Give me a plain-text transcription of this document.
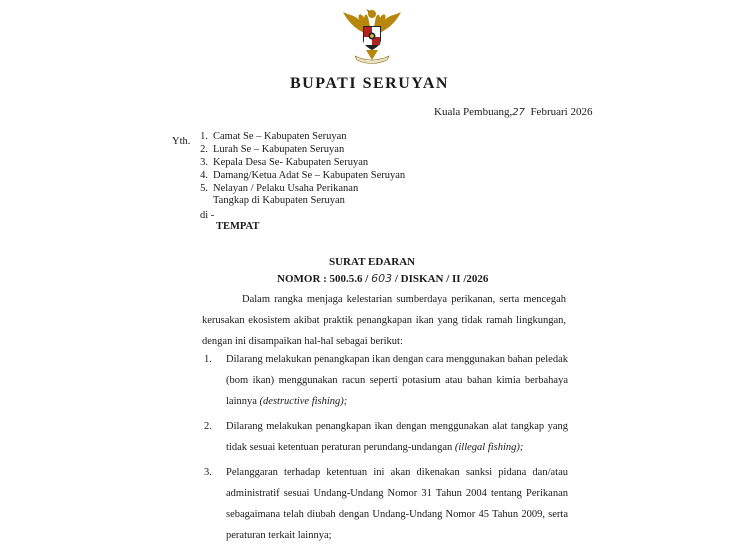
BUPATI SERUYAN
Kuala Pembuang,27 Februari 2026
Yth. 1. Camat Se – Kabupaten Seruyan
2. Lurah Se – Kabupaten Seruyan
3. Kepala Desa Se- Kabupaten Seruyan
4. Damang/Ketua Adat Se – Kabupaten Seruyan
5. Nelayan / Pelaku Usaha Perikanan
Tangkap di Kabupaten Seruyan
di -
TEMPAT
SURAT EDARAN
NOMOR : 500.5.6 / 603 / DISKAN / II /2026
Dalam rangka menjaga kelestarian sumberdaya perikanan, serta mencegah kerusakan ekosistem akibat praktik penangkapan ikan yang tidak ramah lingkungan, dengan ini disampaikan hal-hal sebagai berikut:
1. Dilarang melakukan penangkapan ikan dengan cara menggunakan bahan peledak (bom ikan) menggunakan racun seperti potasium atau bahan kimia berbahaya lainnya (destructive fishing);
2. Dilarang melakukan penangkapan ikan dengan menggunakan alat tangkap yang tidak sesuai ketentuan peraturan perundang-undangan (illegal fishing);
3. Pelanggaran terhadap ketentuan ini akan dikenakan sanksi pidana dan/atau administratif sesuai Undang-Undang Nomor 31 Tahun 2004 tentang Perikanan sebagaimana telah diubah dengan Undang-Undang Nomor 45 Tahun 2009, serta peraturan terkait lainnya;
